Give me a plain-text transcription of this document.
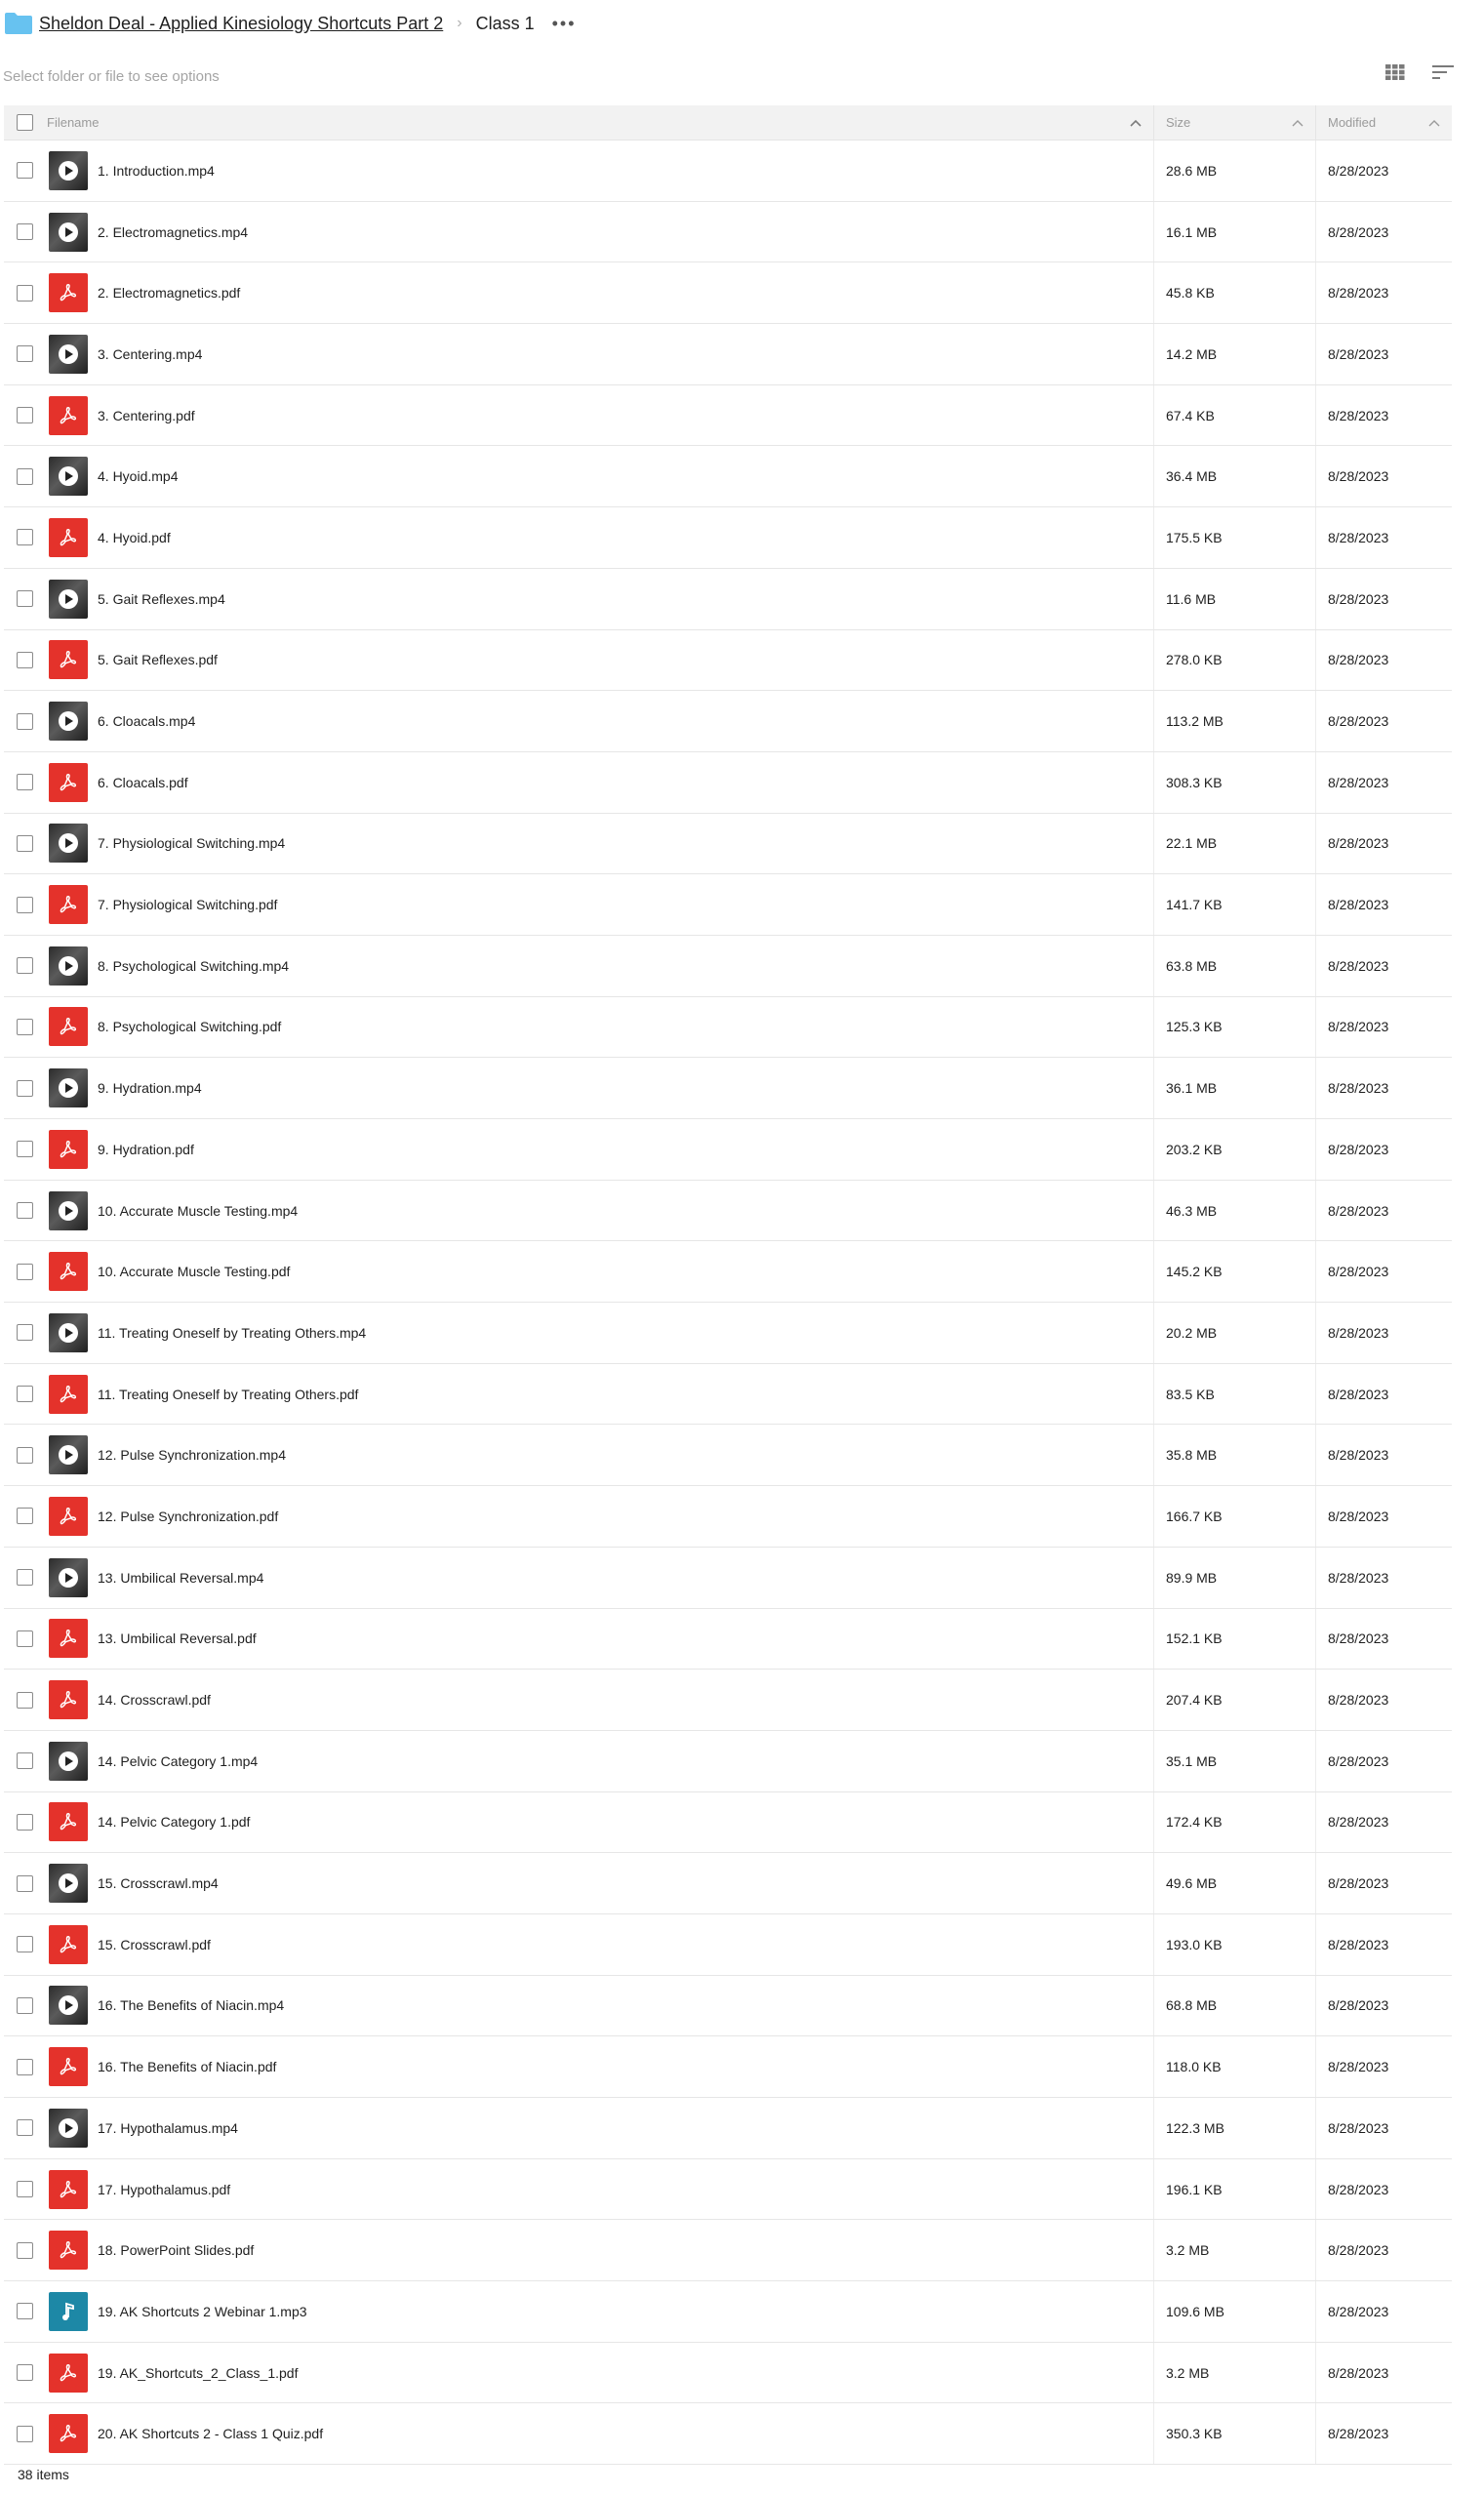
Sheldon Deal - Applied Kinesiology Shortcuts Part 2 › Class 1 •••
Select folder or file to see options
Filename	Size	Modified
1. Introduction.mp4	28.6 MB	8/28/2023
2. Electromagnetics.mp4	16.1 MB	8/28/2023
2. Electromagnetics.pdf	45.8 KB	8/28/2023
3. Centering.mp4	14.2 MB	8/28/2023
3. Centering.pdf	67.4 KB	8/28/2023
4. Hyoid.mp4	36.4 MB	8/28/2023
4. Hyoid.pdf	175.5 KB	8/28/2023
5. Gait Reflexes.mp4	11.6 MB	8/28/2023
5. Gait Reflexes.pdf	278.0 KB	8/28/2023
6. Cloacals.mp4	113.2 MB	8/28/2023
6. Cloacals.pdf	308.3 KB	8/28/2023
7. Physiological Switching.mp4	22.1 MB	8/28/2023
7. Physiological Switching.pdf	141.7 KB	8/28/2023
8. Psychological Switching.mp4	63.8 MB	8/28/2023
8. Psychological Switching.pdf	125.3 KB	8/28/2023
9. Hydration.mp4	36.1 MB	8/28/2023
9. Hydration.pdf	203.2 KB	8/28/2023
10. Accurate Muscle Testing.mp4	46.3 MB	8/28/2023
10. Accurate Muscle Testing.pdf	145.2 KB	8/28/2023
11. Treating Oneself by Treating Others.mp4	20.2 MB	8/28/2023
11. Treating Oneself by Treating Others.pdf	83.5 KB	8/28/2023
12. Pulse Synchronization.mp4	35.8 MB	8/28/2023
12. Pulse Synchronization.pdf	166.7 KB	8/28/2023
13. Umbilical Reversal.mp4	89.9 MB	8/28/2023
13. Umbilical Reversal.pdf	152.1 KB	8/28/2023
14. Crosscrawl.pdf	207.4 KB	8/28/2023
14. Pelvic Category 1.mp4	35.1 MB	8/28/2023
14. Pelvic Category 1.pdf	172.4 KB	8/28/2023
15. Crosscrawl.mp4	49.6 MB	8/28/2023
15. Crosscrawl.pdf	193.0 KB	8/28/2023
16. The Benefits of Niacin.mp4	68.8 MB	8/28/2023
16. The Benefits of Niacin.pdf	118.0 KB	8/28/2023
17. Hypothalamus.mp4	122.3 MB	8/28/2023
17. Hypothalamus.pdf	196.1 KB	8/28/2023
18. PowerPoint Slides.pdf	3.2 MB	8/28/2023
19. AK Shortcuts 2 Webinar 1.mp3	109.6 MB	8/28/2023
19. AK_Shortcuts_2_Class_1.pdf	3.2 MB	8/28/2023
20. AK Shortcuts 2 - Class 1 Quiz.pdf	350.3 KB	8/28/2023
38 items
